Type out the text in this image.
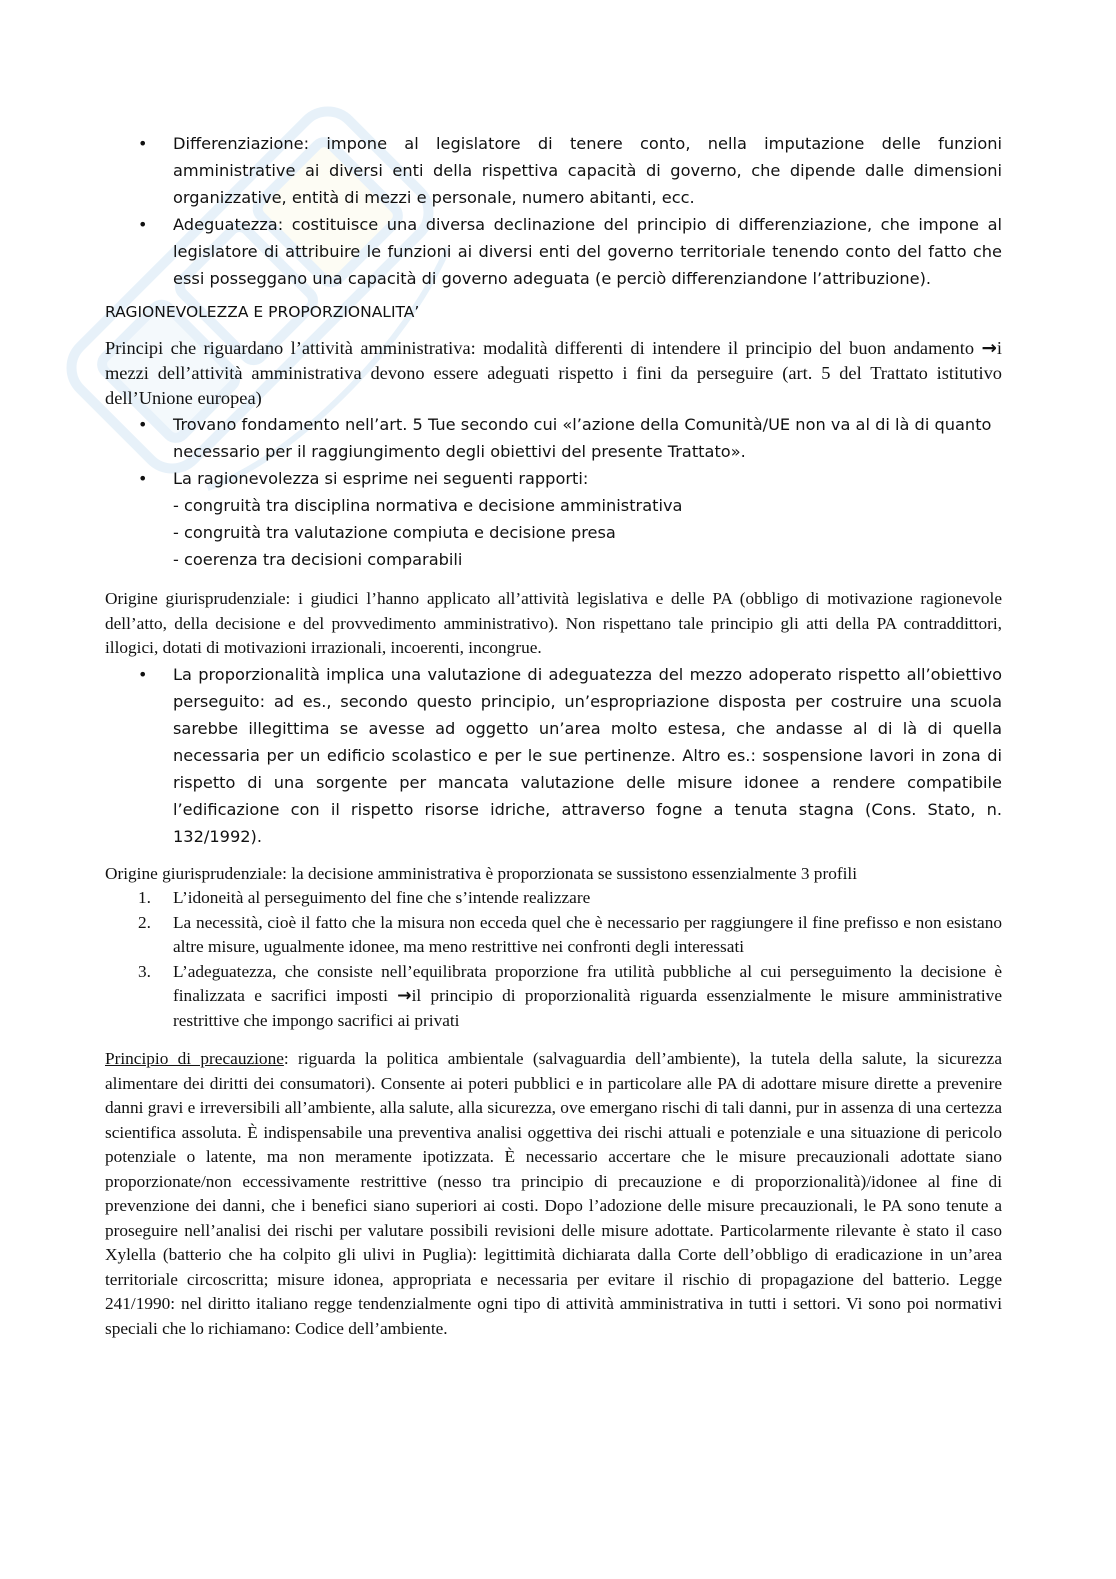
• Differenziazione: impone al legislatore di tenere conto, nella imputazione delle funzioni amministrative ai diversi enti della rispettiva capacità di governo, che dipende dalle dimensioni organizzative, entità di mezzi e personale, numero abitanti, ecc.
• Adeguatezza: costituisce una diversa declinazione del principio di differenziazione, che impone al legislatore di attribuire le funzioni ai diversi enti del governo territoriale tenendo conto del fatto che essi posseggano una capacità di governo adeguata (e perciò differenziandone l’attribuzione).

RAGIONEVOLEZZA E PROPORZIONALITA’

Principi che riguardano l’attività amministrativa: modalità differenti di intendere il principio del buon andamento →i mezzi dell’attività amministrativa devono essere adeguati rispetto i fini da perseguire (art. 5 del Trattato istitutivo dell’Unione europea)

• Trovano fondamento nell’art. 5 Tue secondo cui «l’azione della Comunità/UE non va al di là di quanto necessario per il raggiungimento degli obiettivi del presente Trattato».
• La ragionevolezza si esprime nei seguenti rapporti:
- congruità tra disciplina normativa e decisione amministrativa
- congruità tra valutazione compiuta e decisione presa
- coerenza tra decisioni comparabili

Origine giurisprudenziale: i giudici l’hanno applicato all’attività legislativa e delle PA (obbligo di motivazione ragionevole dell’atto, della decisione e del provvedimento amministrativo). Non rispettano tale principio gli atti della PA contraddittori, illogici, dotati di motivazioni irrazionali, incoerenti, incongrue.

• La proporzionalità implica una valutazione di adeguatezza del mezzo adoperato rispetto all’obiettivo perseguito: ad es., secondo questo principio, un’espropriazione disposta per costruire una scuola sarebbe illegittima se avesse ad oggetto un’area molto estesa, che andasse al di là di quella necessaria per un edificio scolastico e per le sue pertinenze. Altro es.: sospensione lavori in zona di rispetto di una sorgente per mancata valutazione delle misure idonee a rendere compatibile l’edificazione con il rispetto risorse idriche, attraverso fogne a tenuta stagna (Cons. Stato, n. 132/1992).

Origine giurisprudenziale: la decisione amministrativa è proporzionata se sussistono essenzialmente 3 profili

1. L’idoneità al perseguimento del fine che s’intende realizzare
2. La necessità, cioè il fatto che la misura non ecceda quel che è necessario per raggiungere il fine prefisso e non esistano altre misure, ugualmente idonee, ma meno restrittive nei confronti degli interessati
3. L’adeguatezza, che consiste nell’equilibrata proporzione fra utilità pubbliche al cui perseguimento la decisione è finalizzata e sacrifici imposti →il principio di proporzionalità riguarda essenzialmente le misure amministrative restrittive che impongo sacrifici ai privati

Principio di precauzione: riguarda la politica ambientale (salvaguardia dell’ambiente), la tutela della salute, la sicurezza alimentare dei diritti dei consumatori). Consente ai poteri pubblici e in particolare alle PA di adottare misure dirette a prevenire danni gravi e irreversibili all’ambiente, alla salute, alla sicurezza, ove emergano rischi di tali danni, pur in assenza di una certezza scientifica assoluta. È indispensabile una preventiva analisi oggettiva dei rischi attuali e potenziale e una situazione di pericolo potenziale o latente, ma non meramente ipotizzata. È necessario accertare che le misure precauzionali adottate siano proporzionate/non eccessivamente restrittive (nesso tra principio di precauzione e di proporzionalità)/idonee al fine di prevenzione dei danni, che i benefici siano superiori ai costi. Dopo l’adozione delle misure precauzionali, le PA sono tenute a proseguire nell’analisi dei rischi per valutare possibili revisioni delle misure adottate. Particolarmente rilevante è stato il caso Xylella (batterio che ha colpito gli ulivi in Puglia): legittimità dichiarata dalla Corte dell’obbligo di eradicazione in un’area territoriale circoscritta; misure idonea, appropriata e necessaria per evitare il rischio di propagazione del batterio. Legge 241/1990: nel diritto italiano regge tendenzialmente ogni tipo di attività amministrativa in tutti i settori. Vi sono poi normativi speciali che lo richiamano: Codice dell’ambiente.
